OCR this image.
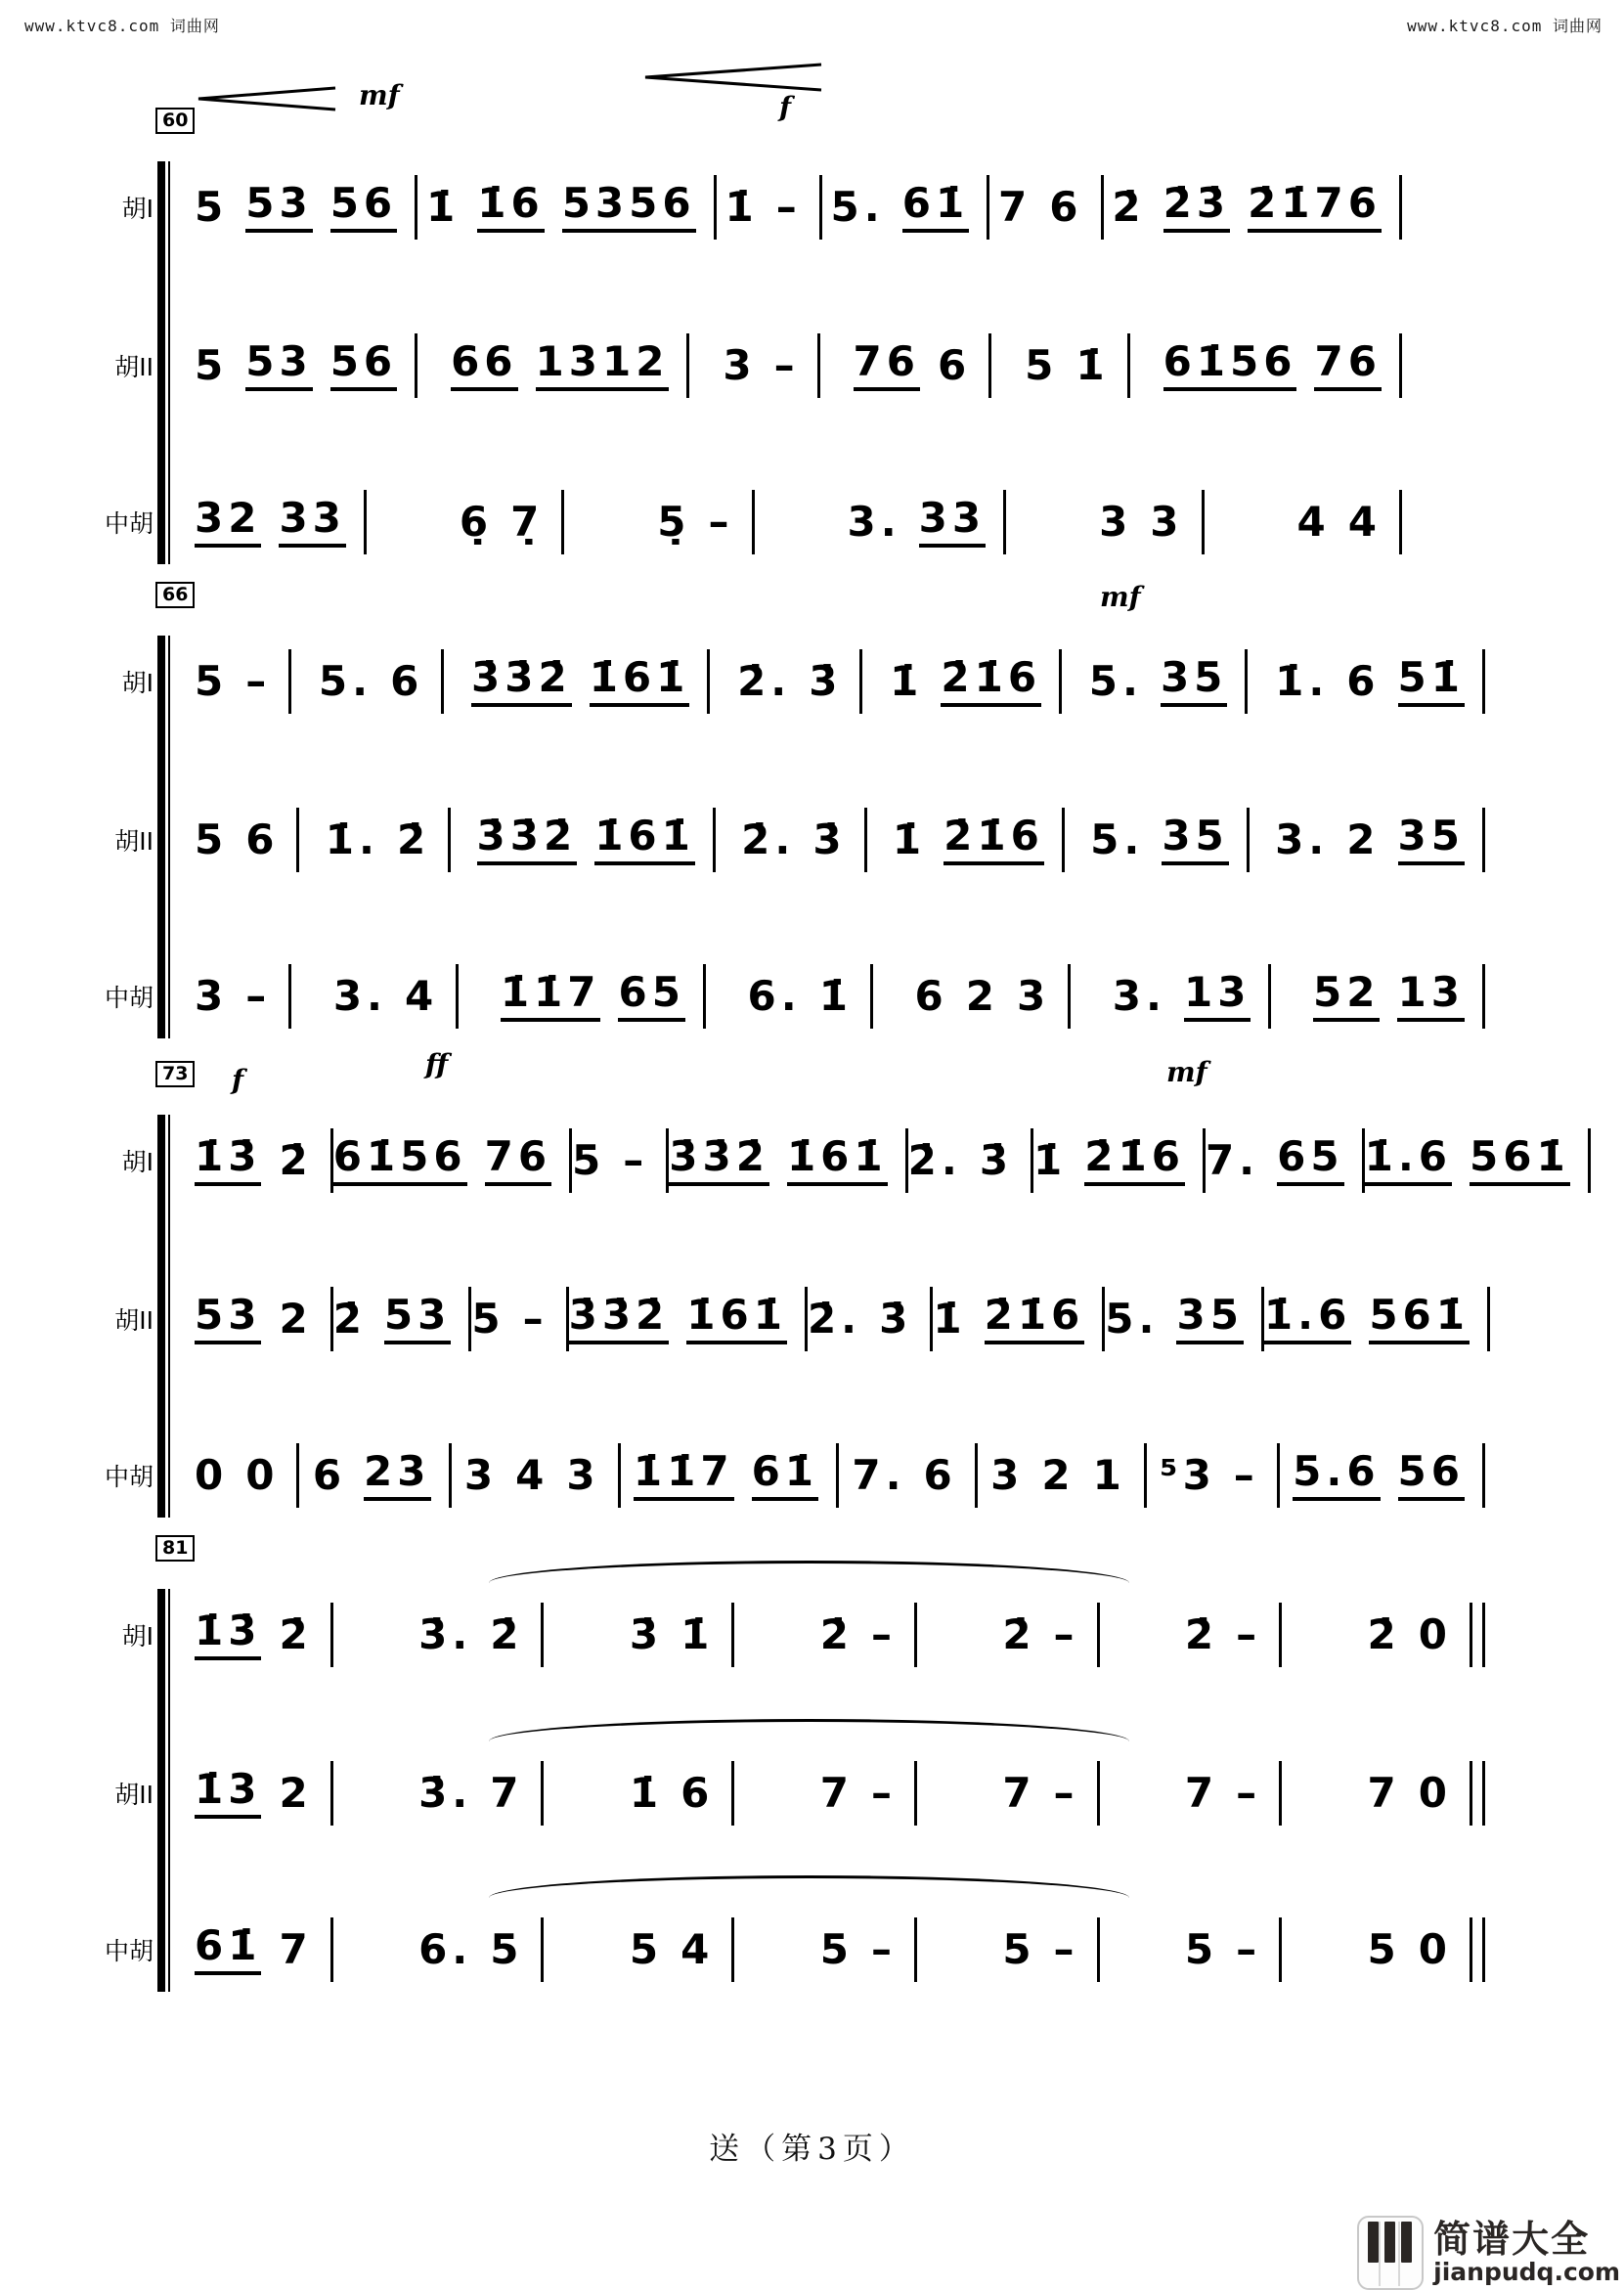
www.ktvc8.com 词曲网	www.ktvc8.com 词曲网
60
mf	f
胡I	5 53 56 1̇ 1̇6 5356 1̇ – 5. 61̇ 7 6 2̇ 2̇3̇ 2̇1̇76
胡II	5 53 56 66 1312 3 – 76 6 5 1̇ 61̇56 76
中胡	32 33	6̣ 7̣	5̣ –	3. 33	3 3	4 4
66	mf
胡I	5 – 5. 6 3̇3̇2̇ 1̇61̇ 2̇. 3̇ 1̇ 2̇1̇6 5. 35 1̇. 6 51̇
胡II	5 6 1̇. 2̇ 3̇3̇2̇ 1̇61̇ 2̇. 3̇ 1̇ 2̇1̇6 5. 35 3. 2 35
中胡	3 – 3. 4 1̇1̇7 65 6. 1̇ 6 2 3 3. 13 52 13
73 f	ff	mf
胡I	1̇3̇ 2̇ 61̇56 76 5 – 3̇3̇2̇ 1̇61̇ 2̇. 3̇ 1̇ 2̇1̇6 7. 65 1̇.6 561̇
胡II	53 2 2̇ 53 5 – 3̇3̇2̇ 1̇61̇ 2̇. 3̇ 1̇ 2̇1̇6 5. 35 1̇.6 561̇
中胡	0 0 6 23 3 4 3 1̇1̇7 61̇ 7. 6 3 2 1 ⁵3 – 5.6 56
81
胡I	1̇3̇ 2̇	3̇. 2̇	3̇ 1̇	2̇ –	2̇ –	2̇ –	2̇ 0
胡II	1̇3 2	3̇. 7	1̇ 6	7 –	7 –	7 –	7 0
中胡	61̇ 7	6. 5	5 4	5 –	5 –	5 –	5 0
送（第3页）
简谱大全
jianpudq.com
